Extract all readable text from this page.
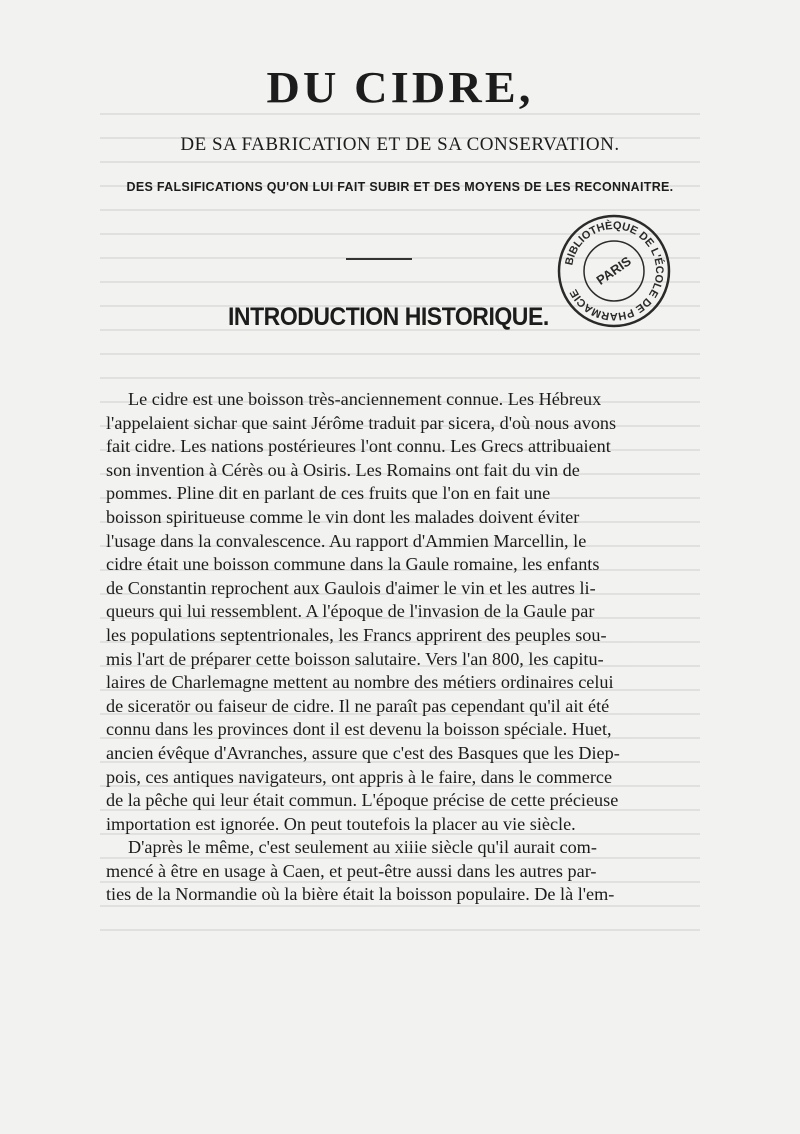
DU CIDRE,
DE SA FABRICATION ET DE SA CONSERVATION.
DES FALSIFICATIONS QU'ON LUI FAIT SUBIR ET DES MOYENS DE LES RECONNAITRE.
BIBLIOTHÈQUE DE L'ÉCOLE DE PHARMACIE
PARIS
INTRODUCTION HISTORIQUE.
Le cidre est une boisson très-anciennement connue. Les Hébreux
l'appelaient sichar que saint Jérôme traduit par sicera, d'où nous avons
fait cidre. Les nations postérieures l'ont connu. Les Grecs attribuaient
son invention à Cérès ou à Osiris. Les Romains ont fait du vin de
pommes. Pline dit en parlant de ces fruits que l'on en fait une
boisson spiritueuse comme le vin dont les malades doivent éviter
l'usage dans la convalescence. Au rapport d'Ammien Marcellin, le
cidre était une boisson commune dans la Gaule romaine, les enfants
de Constantin reprochent aux Gaulois d'aimer le vin et les autres li-
queurs qui lui ressemblent. A l'époque de l'invasion de la Gaule par
les populations septentrionales, les Francs apprirent des peuples sou-
mis l'art de préparer cette boisson salutaire. Vers l'an 800, les capitu-
laires de Charlemagne mettent au nombre des métiers ordinaires celui
de siceratör ou faiseur de cidre. Il ne paraît pas cependant qu'il ait été
connu dans les provinces dont il est devenu la boisson spéciale. Huet,
ancien évêque d'Avranches, assure que c'est des Basques que les Diep-
pois, ces antiques navigateurs, ont appris à le faire, dans le commerce
de la pêche qui leur était commun. L'époque précise de cette précieuse
importation est ignorée. On peut toutefois la placer au vie siècle.
D'après le même, c'est seulement au xiiie siècle qu'il aurait com-
mencé à être en usage à Caen, et peut-être aussi dans les autres par-
ties de la Normandie où la bière était la boisson populaire. De là l'em-
